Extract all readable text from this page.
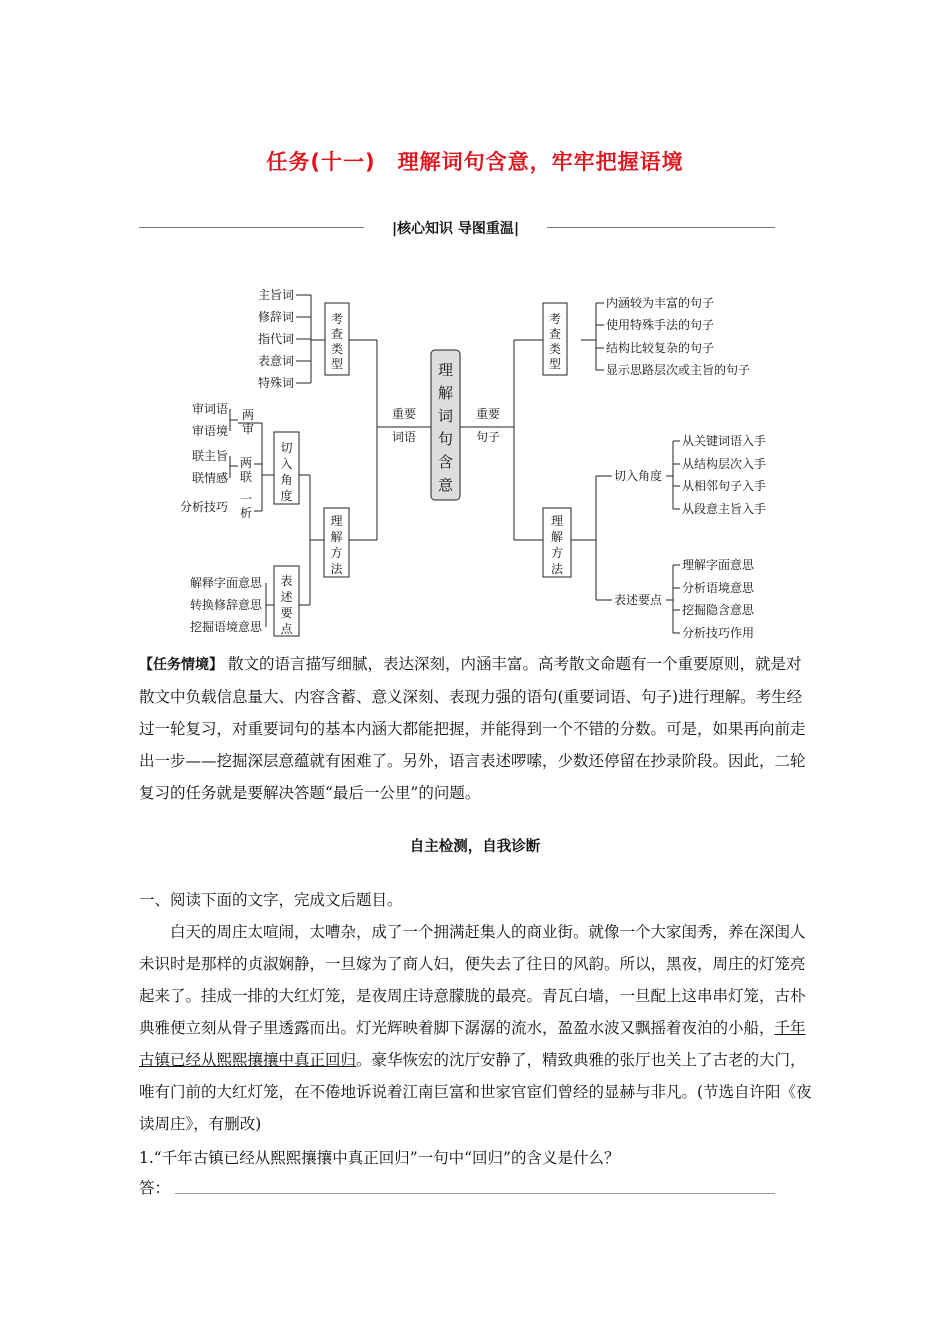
任务(十一) 理解词句含意，牢牢把握语境
|核心知识 导图重温|
理
解
词
句
含
意
考
查
类
型
理
解
方
法
切
入
角
度
表
述
要
点
考
查
类
型
理
解
方
法
重要
词语
重要
句子
主旨词
修辞词
指代词
表意词
特殊词
审词语
审语境
联主旨
联情感
分析技巧
两
审
两
联
一
析
解释字面意思
转换修辞意思
挖掘语境意思
内涵较为丰富的句子
使用特殊手法的句子
结构比较复杂的句子
显示思路层次或主旨的句子
切入角度
表述要点
从关键词语入手
从结构层次入手
从相邻句子入手
从段意主旨入手
理解字面意思
分析语境意思
挖掘隐含意思
分析技巧作用
【任务情境】 散文的语言描写细腻，表达深刻，内涵丰富。高考散文命题有一个重要原则，就是对散文中负载信息量大、内容含蓄、意义深刻、表现力强的语句(重要词语、句子)进行理解。考生经过一轮复习，对重要词句的基本内涵大都能把握，并能得到一个不错的分数。可是，如果再向前走出一步——挖掘深层意蕴就有困难了。另外，语言表述啰嗦，少数还停留在抄录阶段。因此，二轮复习的任务就是要解决答题“最后一公里”的问题。
自主检测，自我诊断
一、阅读下面的文字，完成文后题目。
白天的周庄太喧闹，太嘈杂，成了一个拥满赶集人的商业街。就像一个大家闺秀，养在深闺人未识时是那样的贞淑娴静，一旦嫁为了商人妇，便失去了往日的风韵。所以，黑夜，周庄的灯笼亮起来了。挂成一排的大红灯笼，是夜周庄诗意朦胧的最亮。青瓦白墙，一旦配上这串串灯笼，古朴典雅便立刻从骨子里透露而出。灯光辉映着脚下潺潺的流水，盈盈水波又飘摇着夜泊的小船，千年古镇已经从熙熙攘攘中真正回归。豪华恢宏的沈厅安静了，精致典雅的张厅也关上了古老的大门，唯有门前的大红灯笼，在不倦地诉说着江南巨富和世家官宦们曾经的显赫与非凡。(节选自许阳《夜读周庄》，有删改)
1.“千年古镇已经从熙熙攘攘中真正回归”一句中“回归”的含义是什么？
答：
